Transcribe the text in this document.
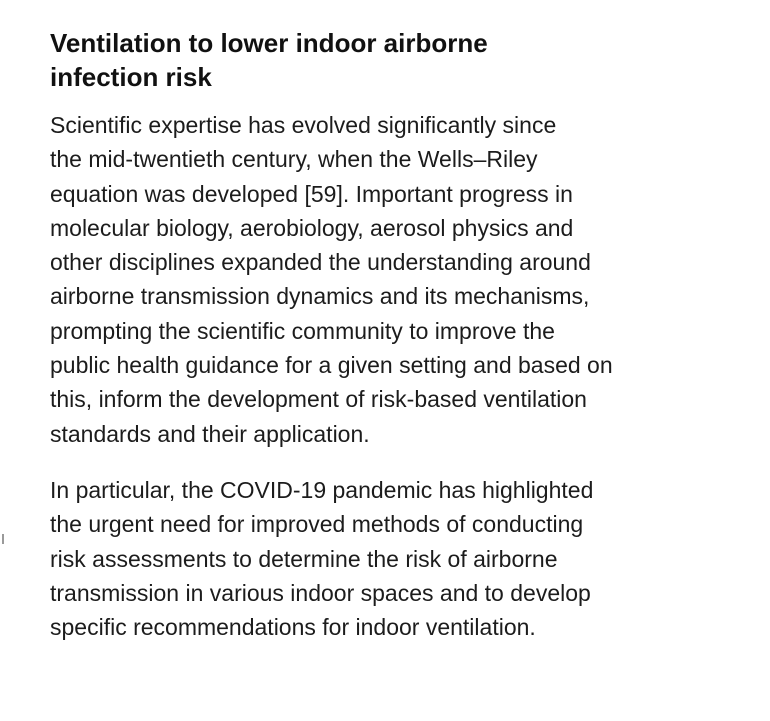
Ventilation to lower indoor airborne
infection risk

Scientific expertise has evolved significantly since
the mid-twentieth century, when the Wells–Riley
equation was developed [59]. Important progress in
molecular biology, aerobiology, aerosol physics and
other disciplines expanded the understanding around
airborne transmission dynamics and its mechanisms,
prompting the scientific community to improve the
public health guidance for a given setting and based on
this, inform the development of risk-based ventilation
standards and their application.

In particular, the COVID-19 pandemic has highlighted
the urgent need for improved methods of conducting
risk assessments to determine the risk of airborne
transmission in various indoor spaces and to develop
specific recommendations for indoor ventilation.
